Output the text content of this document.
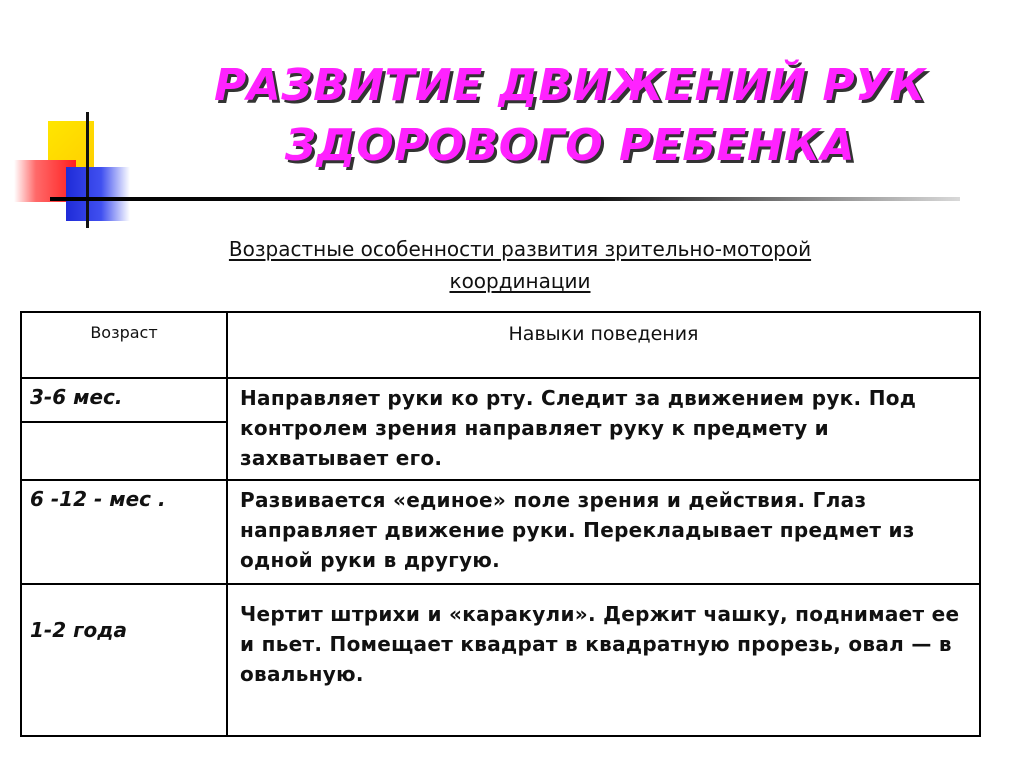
РАЗВИТИЕ ДВИЖЕНИЙ РУК
ЗДОРОВОГО РЕБЕНКА

Возрастные особенности развития зрительно-моторой
координации

Возраст	Навыки поведения

3-6 мес.	Направляет руки ко рту. Следит за движением рук. Под контролем зрения направляет руку к предмету и захватывает его.
6 -12 - мес .	Развивается «единое» поле зрения и действия. Глаз направляет движение руки. Перекладывает предмет из одной руки в другую.
1-2 года	Чертит штрихи и «каракули». Держит чашку, поднимает ее и пьет. Помещает квадрат в квадратную прорезь, овал — в овальную.
